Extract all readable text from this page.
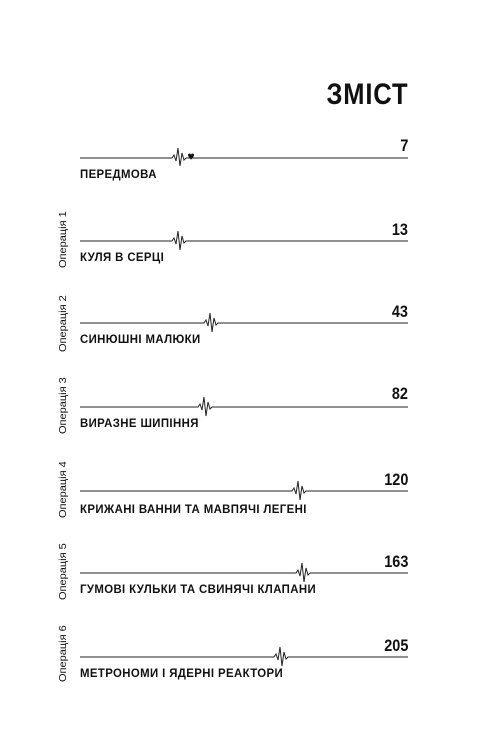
ЗМІСТ
7
ПЕРЕДМОВА
Операція 1	13
КУЛЯ В СЕРЦІ
Операція 2	43
СИНЮШНІ МАЛЮКИ
Операція 3	82
ВИРАЗНЕ ШИПІННЯ
Операція 4	120
КРИЖАНІ ВАННИ ТА МАВПЯЧІ ЛЕГЕНІ
Операція 5	163
ГУМОВІ КУЛЬКИ ТА СВИНЯЧІ КЛАПАНИ
Операція 6	205
МЕТРОНОМИ І ЯДЕРНІ РЕАКТОРИ
